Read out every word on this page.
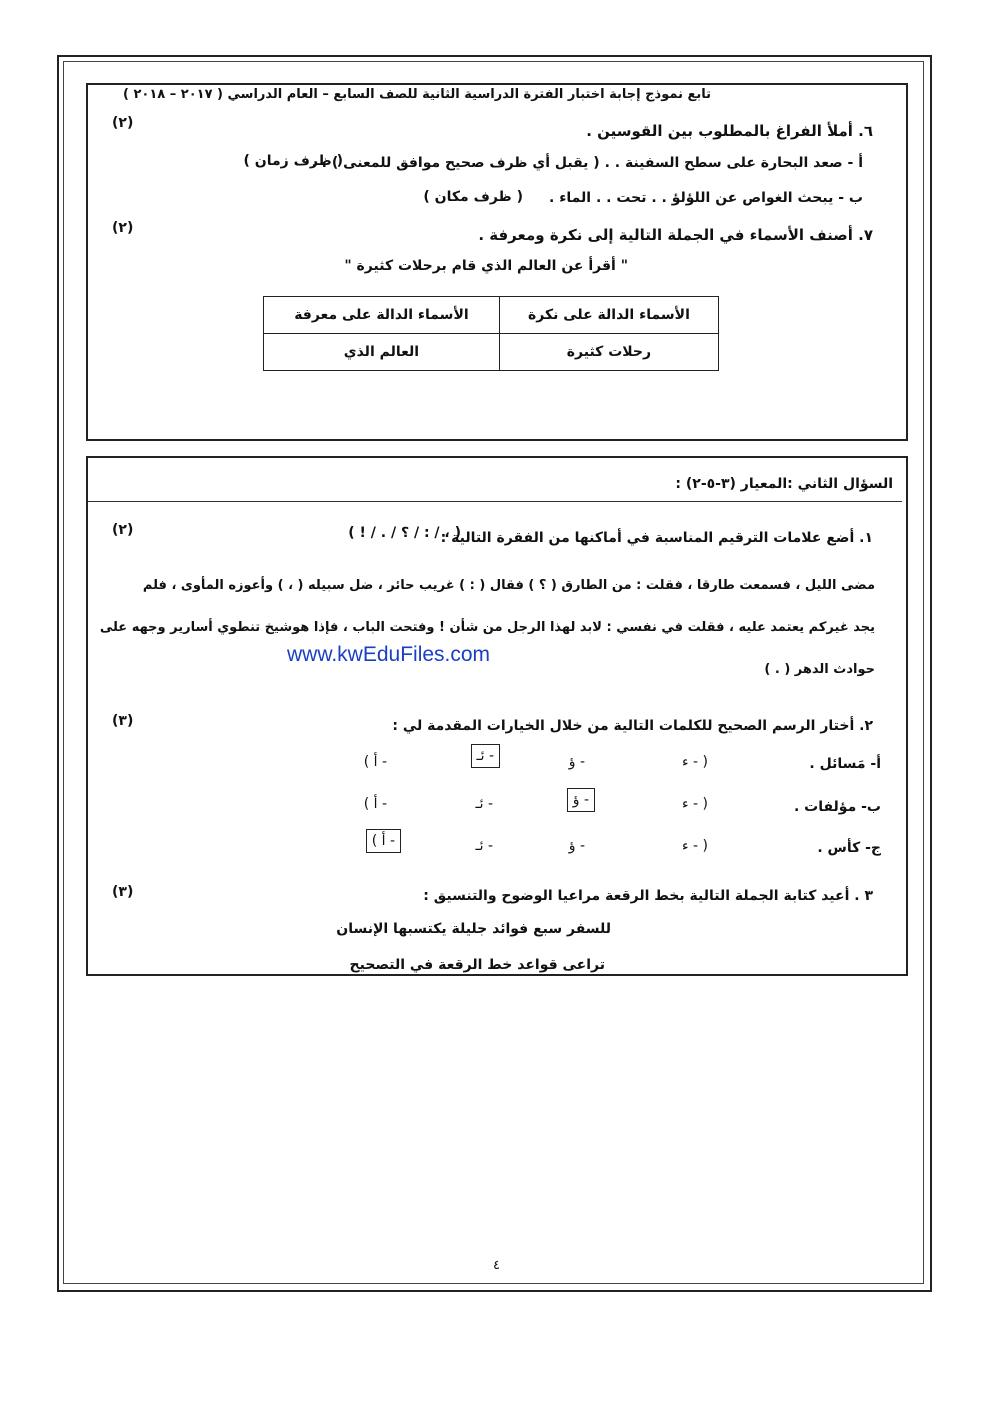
تابع نموذج إجابة اختبار الفترة الدراسية الثانية للصف السابع – العام الدراسي ( ٢٠١٧ – ٢٠١٨ )
(٢)	٦. أملأ الفراغ بالمطلوب بين القوسين .
أ - صعد البحارة على سطح السفينة . . ( يقبل أي ظرف صحيح موافق للمعنى ) . .
( ظرف زمان )
ب - يبحث الغواص عن اللؤلؤ . . تحت . . الماء .
( ظرف مكان )
(٢)	٧. أصنف الأسماء في الجملة التالية إلى نكرة ومعرفة .
" أقرأ عن العالم الذي قام برحلات كثيرة "
الأسماء الدالة على نكرة	الأسماء الدالة على معرفة
رحلات كثيرة	العالم الذي
السؤال الثاني :المعيار (٣-٥-٢) :
(٢)	١. أضع علامات الترقيم المناسبة في أماكنها من الفقرة التالية :
( ، / : / ؟ / . / ! )
مضى الليل ، فسمعت طارقا ، فقلت : من الطارق ( ؟ ) فقال ( : ) غريب حائر ، ضل سبيله ( ، ) وأعوزه المأوى ، فلم
يجد غيركم يعتمد عليه ، فقلت في نفسي : لابد لهذا الرجل من شأن ! وفتحت الباب ، فإذا هوشيخ تنطوي أسارير وجهه على
www.kwEduFiles.com
حوادث الدهر ( . )
(٣)	٢. أختار الرسم الصحيح للكلمات التالية من خلال الخيارات المقدمة لي :
أ- مَسائل .
( - ء
- ؤ
- ئـ
- أ )
ب- مؤلفات .
( - ء
- ؤ
- ئـ
- أ )
ج- كأس .
( - ء
- ؤ
- ئـ
- أ )
(٣)	٣ . أعيد كتابة الجملة التالية بخط الرقعة مراعيا الوضوح والتنسيق :
للسفر سبع فوائد جليلة يكتسبها الإنسان
تراعى قواعد خط الرقعة في التصحيح
٤
